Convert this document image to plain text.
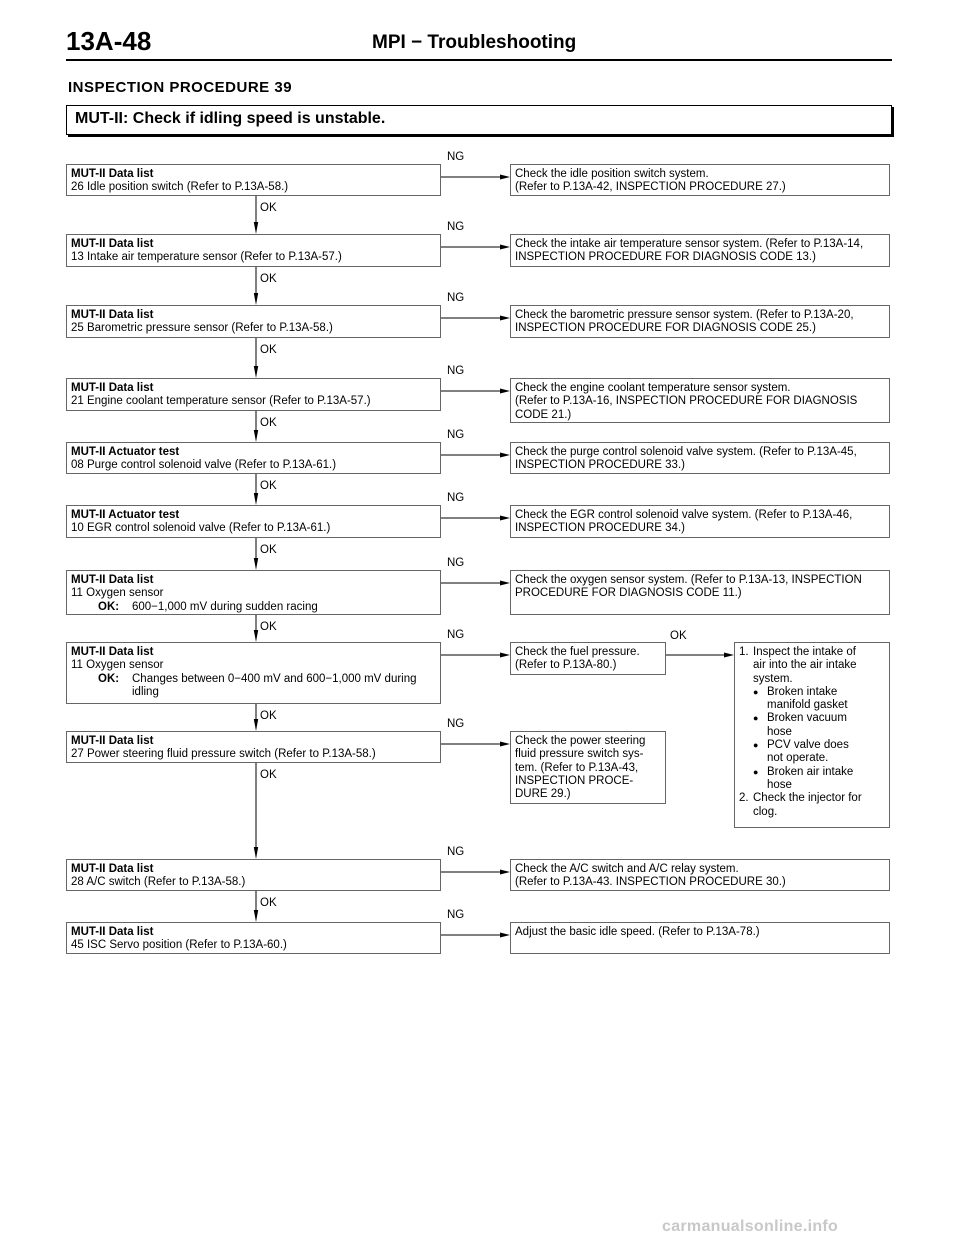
13A-48	MPI − Troubleshooting
INSPECTION PROCEDURE 39
MUT-II: Check if idling speed is unstable.
MUT-II Data list
26 Idle position switch (Refer to P.13A-58.)
Check the idle position switch system.
(Refer to P.13A-42, INSPECTION PROCEDURE 27.)
NG
OK
MUT-II Data list
13 Intake air temperature sensor (Refer to P.13A-57.)
Check the intake air temperature sensor system. (Refer to P.13A-14,
INSPECTION PROCEDURE FOR DIAGNOSIS CODE 13.)
NG
OK
MUT-II Data list
25 Barometric pressure sensor (Refer to P.13A-58.)
Check the barometric pressure sensor system. (Refer to P.13A-20,
INSPECTION PROCEDURE FOR DIAGNOSIS CODE 25.)
NG
OK
MUT-II Data list
21 Engine coolant temperature sensor (Refer to P.13A-57.)
Check the engine coolant temperature sensor system.
(Refer to P.13A-16, INSPECTION PROCEDURE FOR DIAGNOSIS
CODE 21.)
NG
OK
MUT-II Actuator test
08 Purge control solenoid valve (Refer to P.13A-61.)
Check the purge control solenoid valve system. (Refer to P.13A-45,
INSPECTION PROCEDURE 33.)
NG
OK
MUT-II Actuator test
10 EGR control solenoid valve (Refer to P.13A-61.)
Check the EGR control solenoid valve system. (Refer to P.13A-46,
INSPECTION PROCEDURE 34.)
NG
OK
MUT-II Data list
11 Oxygen sensor
OK: 600−1,000 mV during sudden racing
Check the oxygen sensor system. (Refer to P.13A-13, INSPECTION
PROCEDURE FOR DIAGNOSIS CODE 11.)
NG
OK
MUT-II Data list
11 Oxygen sensor
OK: Changes between 0−400 mV and 600−1,000 mV during
idling
Check the fuel pressure.
(Refer to P.13A-80.)
NG
OK
MUT-II Data list
27 Power steering fluid pressure switch (Refer to P.13A-58.)
Check the power steering
fluid pressure switch sys-
tem. (Refer to P.13A-43,
INSPECTION PROCE-
DURE 29.)
NG
OK
MUT-II Data list
28 A/C switch (Refer to P.13A-58.)
Check the A/C switch and A/C relay system.
(Refer to P.13A-43. INSPECTION PROCEDURE 30.)
NG
OK
MUT-II Data list
45 ISC Servo position (Refer to P.13A-60.)
Adjust the basic idle speed. (Refer to P.13A-78.)
NG
1. Inspect the intake of
air into the air intake
system.
● Broken intake
manifold gasket
● Broken vacuum
hose
● PCV valve does
not operate.
● Broken air intake
hose
2. Check the injector for
clog.
OK
carmanualsonline.info
